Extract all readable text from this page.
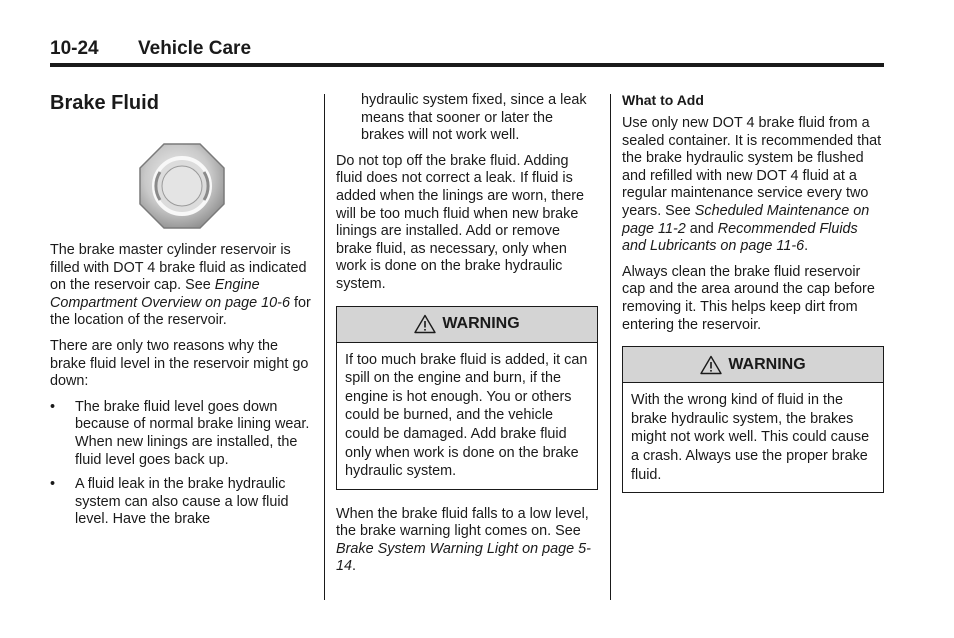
10-24 Vehicle Care
Brake Fluid

The brake master cylinder reservoir is filled with DOT 4 brake fluid as indicated on the reservoir cap. See Engine Compartment Overview on page 10-6 for the location of the reservoir.

There are only two reasons why the brake fluid level in the reservoir might go down:

• The brake fluid level goes down because of normal brake lining wear. When new linings are installed, the fluid level goes back up.
• A fluid leak in the brake hydraulic system can also cause a low fluid level. Have the brake
hydraulic system fixed, since a leak means that sooner or later the brakes will not work well.

Do not top off the brake fluid. Adding fluid does not correct a leak. If fluid is added when the linings are worn, there will be too much fluid when new brake linings are installed. Add or remove brake fluid, as necessary, only when work is done on the brake hydraulic system.

WARNING
If too much brake fluid is added, it can spill on the engine and burn, if the engine is hot enough. You or others could be burned, and the vehicle could be damaged. Add brake fluid only when work is done on the brake hydraulic system.

When the brake fluid falls to a low level, the brake warning light comes on. See Brake System Warning Light on page 5-14.

What to Add

Use only new DOT 4 brake fluid from a sealed container. It is recommended that the brake hydraulic system be flushed and refilled with new DOT 4 fluid at a regular maintenance service every two years. See Scheduled Maintenance on page 11-2 and Recommended Fluids and Lubricants on page 11-6.

Always clean the brake fluid reservoir cap and the area around the cap before removing it. This helps keep dirt from entering the reservoir.

WARNING
With the wrong kind of fluid in the brake hydraulic system, the brakes might not work well. This could cause a crash. Always use the proper brake fluid.
